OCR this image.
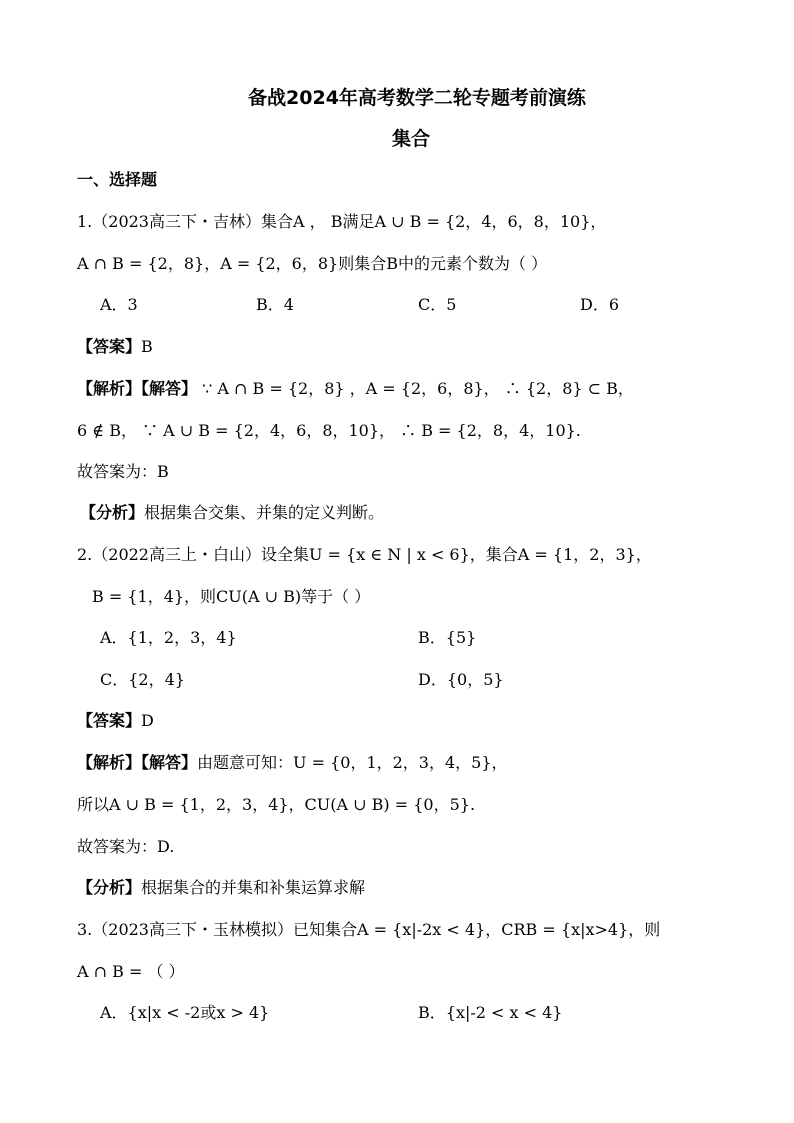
备战2024年高考数学二轮专题考前演练
集合
一、选择题
1.（2023高三下・吉林）集合A ， B满足A ∪ B = {2，4，6，8，10}，
A ∩ B = {2，8}，A = {2，6，8}则集合B中的元素个数为（ ）
A．3	B．4	C．5	D．6
【答案】B
【解析】【解答】 ∵ A ∩ B = {2，8} ，A = {2，6，8}， ∴ {2，8} ⊂ B，
6 ∉ B， ∵ A ∪ B = {2，4，6，8，10}， ∴ B = {2，8，4，10}.
故答案为：B
【分析】根据集合交集、并集的定义判断。
2.（2022高三上・白山）设全集U = {x ∈ N | x < 6}，集合A = {1，2，3}，
B = {1，4}，则CU(A ∪ B)等于（ ）
A．{1，2，3，4}	B．{5}
C．{2，4}	D．{0，5}
【答案】D
【解析】【解答】由题意可知：U = {0，1，2，3，4，5}，
所以A ∪ B = {1，2，3，4}，CU(A ∪ B) = {0，5}.
故答案为：D.
【分析】根据集合的并集和补集运算求解
3.（2023高三下・玉林模拟）已知集合A = {x|-2x < 4}，CRB = {x|x>4}，则
A ∩ B = （ ）
A．{x|x < -2或x > 4}	B．{x|-2 < x < 4}
